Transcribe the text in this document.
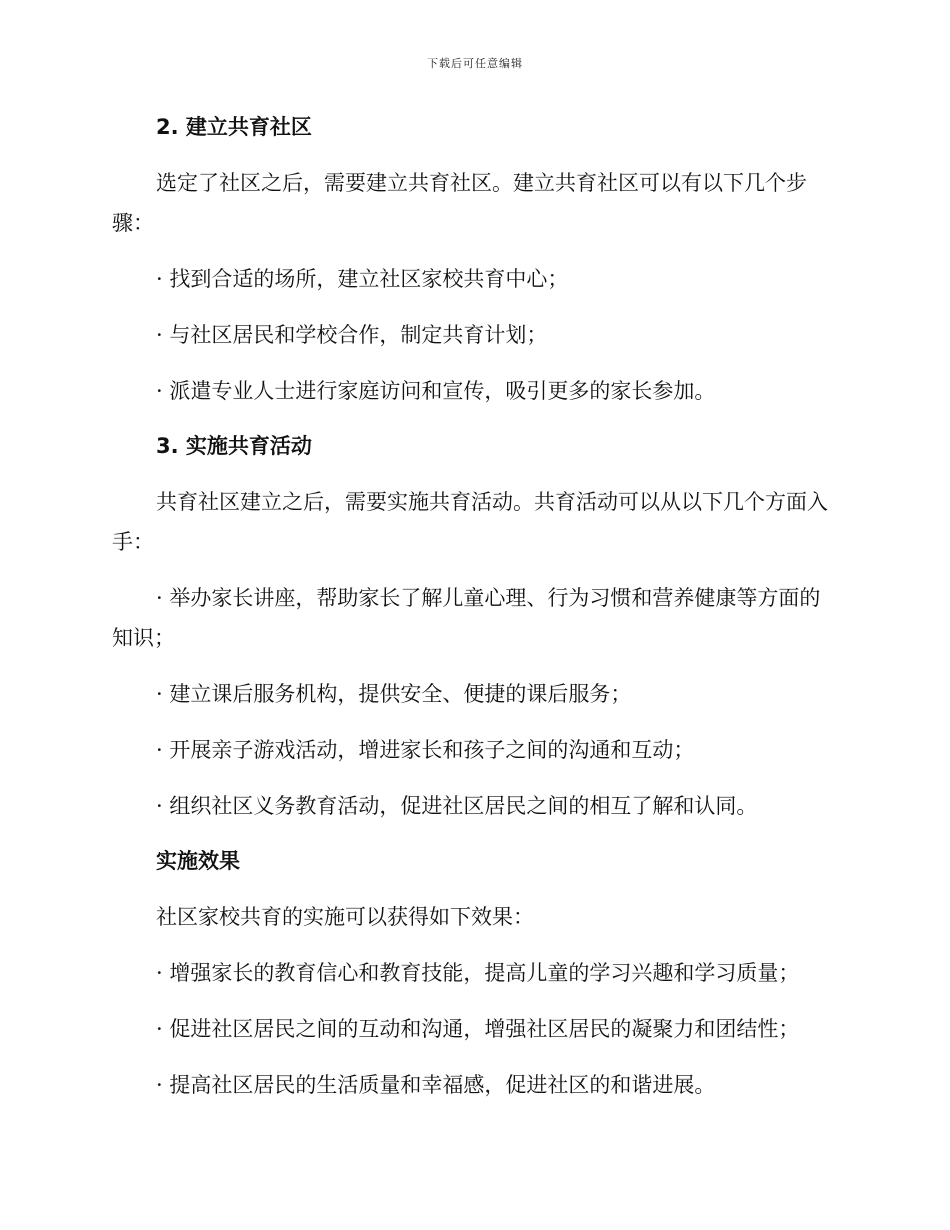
下载后可任意编辑
2. 建立共育社区
选定了社区之后，需要建立共育社区。建立共育社区可以有以下几个步骤：
· 找到合适的场所，建立社区家校共育中心；
· 与社区居民和学校合作，制定共育计划；
· 派遣专业人士进行家庭访问和宣传，吸引更多的家长参加。
3. 实施共育活动
共育社区建立之后，需要实施共育活动。共育活动可以从以下几个方面入手：
· 举办家长讲座，帮助家长了解儿童心理、行为习惯和营养健康等方面的知识；
· 建立课后服务机构，提供安全、便捷的课后服务；
· 开展亲子游戏活动，增进家长和孩子之间的沟通和互动；
· 组织社区义务教育活动，促进社区居民之间的相互了解和认同。
实施效果
社区家校共育的实施可以获得如下效果：
· 增强家长的教育信心和教育技能，提高儿童的学习兴趣和学习质量；
· 促进社区居民之间的互动和沟通，增强社区居民的凝聚力和团结性；
· 提高社区居民的生活质量和幸福感，促进社区的和谐进展。
